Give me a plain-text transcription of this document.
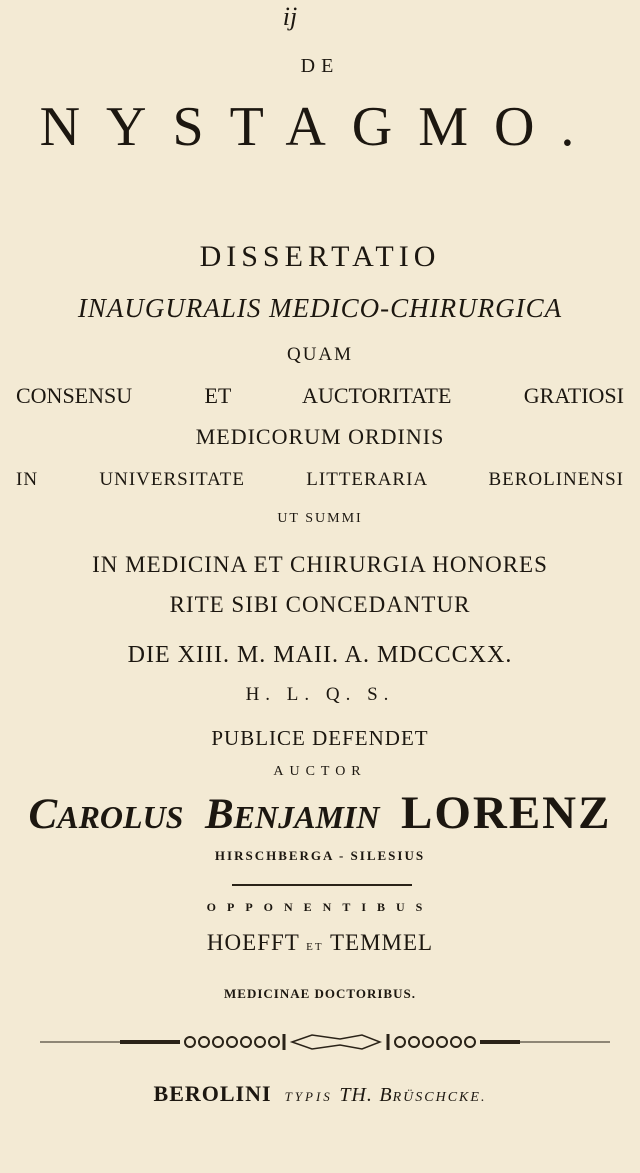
ij
DE
NYSTAGMO.
DISSERTATIO
INAUGURALIS MEDICO-CHIRURGICA
QUAM
CONSENSU ET AUCTORITATE GRATIOSI
MEDICORUM ORDINIS
IN UNIVERSITATE LITTERARIA BEROLINENSI
UT SUMMI
IN MEDICINA ET CHIRURGIA HONORES
RITE SIBI CONCEDANTUR
DIE XIII. M. MAII. A. MDCCCXX.
H. L. Q. S.
PUBLICE DEFENDET
AUCTOR
CAROLUS BENJAMIN LORENZ
HIRSCHBERGA - SILESIUS
OPPONENTIBUS
HOEFFT ET TEMMEL
MEDICINAE DOCTORIBUS.
BEROLINI TYPIS TH. BRÜSCHCKE.
